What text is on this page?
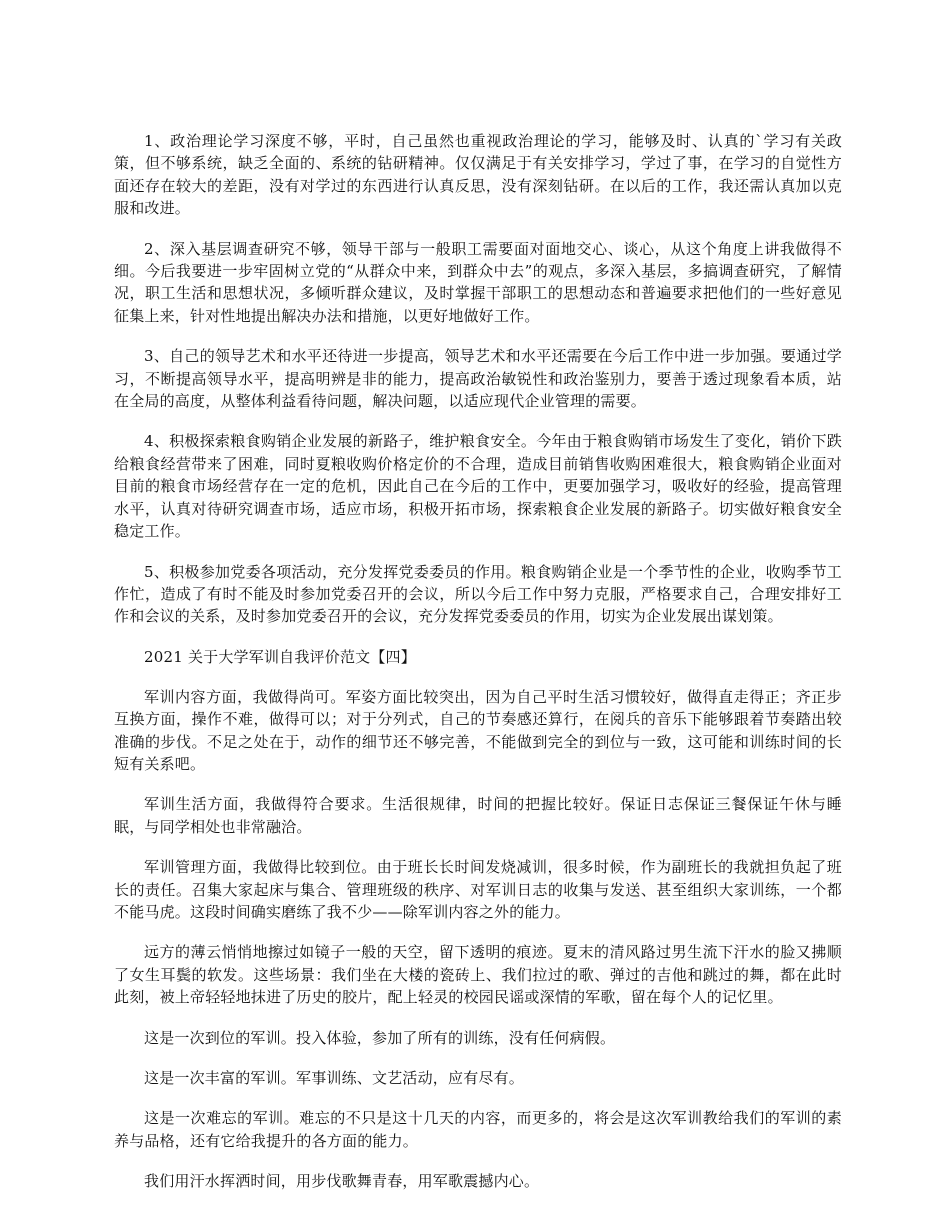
1、政治理论学习深度不够，平时，自己虽然也重视政治理论的学习，能够及时、认真的`学习有关政策，但不够系统，缺乏全面的、系统的钻研精神。仅仅满足于有关安排学习，学过了事，在学习的自觉性方面还存在较大的差距，没有对学过的东西进行认真反思，没有深刻钻研。在以后的工作，我还需认真加以克服和改进。

2、深入基层调查研究不够，领导干部与一般职工需要面对面地交心、谈心，从这个角度上讲我做得不细。今后我要进一步牢固树立党的“从群众中来，到群众中去”的观点，多深入基层，多搞调查研究，了解情况，职工生活和思想状况，多倾听群众建议，及时掌握干部职工的思想动态和普遍要求把他们的一些好意见征集上来，针对性地提出解决办法和措施，以更好地做好工作。

3、自己的领导艺术和水平还待进一步提高，领导艺术和水平还需要在今后工作中进一步加强。要通过学习，不断提高领导水平，提高明辨是非的能力，提高政治敏锐性和政治鉴别力，要善于透过现象看本质，站在全局的高度，从整体利益看待问题，解决问题，以适应现代企业管理的需要。

4、积极探索粮食购销企业发展的新路子，维护粮食安全。今年由于粮食购销市场发生了变化，销价下跌给粮食经营带来了困难，同时夏粮收购价格定价的不合理，造成目前销售收购困难很大，粮食购销企业面对目前的粮食市场经营存在一定的危机，因此自己在今后的工作中，更要加强学习，吸收好的经验，提高管理水平，认真对待研究调查市场，适应市场，积极开拓市场，探索粮食企业发展的新路子。切实做好粮食安全稳定工作。

5、积极参加党委各项活动，充分发挥党委委员的作用。粮食购销企业是一个季节性的企业，收购季节工作忙，造成了有时不能及时参加党委召开的会议，所以今后工作中努力克服，严格要求自己，合理安排好工作和会议的关系，及时参加党委召开的会议，充分发挥党委委员的作用，切实为企业发展出谋划策。

2021 关于大学军训自我评价范文【四】

军训内容方面，我做得尚可。军姿方面比较突出，因为自己平时生活习惯较好，做得直走得正；齐正步互换方面，操作不难，做得可以；对于分列式，自己的节奏感还算行，在阅兵的音乐下能够跟着节奏踏出较准确的步伐。不足之处在于，动作的细节还不够完善，不能做到完全的到位与一致，这可能和训练时间的长短有关系吧。

军训生活方面，我做得符合要求。生活很规律，时间的把握比较好。保证日志保证三餐保证午休与睡眠，与同学相处也非常融洽。

军训管理方面，我做得比较到位。由于班长长时间发烧减训，很多时候，作为副班长的我就担负起了班长的责任。召集大家起床与集合、管理班级的秩序、对军训日志的收集与发送、甚至组织大家训练，一个都不能马虎。这段时间确实磨练了我不少——除军训内容之外的能力。

远方的薄云悄悄地擦过如镜子一般的天空，留下透明的痕迹。夏末的清风路过男生流下汗水的脸又拂顺了女生耳鬓的软发。这些场景：我们坐在大楼的瓷砖上、我们拉过的歌、弹过的吉他和跳过的舞，都在此时此刻，被上帝轻轻地抹进了历史的胶片，配上轻灵的校园民谣或深情的军歌，留在每个人的记忆里。

这是一次到位的军训。投入体验，参加了所有的训练，没有任何病假。

这是一次丰富的军训。军事训练、文艺活动，应有尽有。

这是一次难忘的军训。难忘的不只是这十几天的内容，而更多的，将会是这次军训教给我们的军训的素养与品格，还有它给我提升的各方面的能力。

我们用汗水挥洒时间，用步伐歌舞青春，用军歌震撼内心。
